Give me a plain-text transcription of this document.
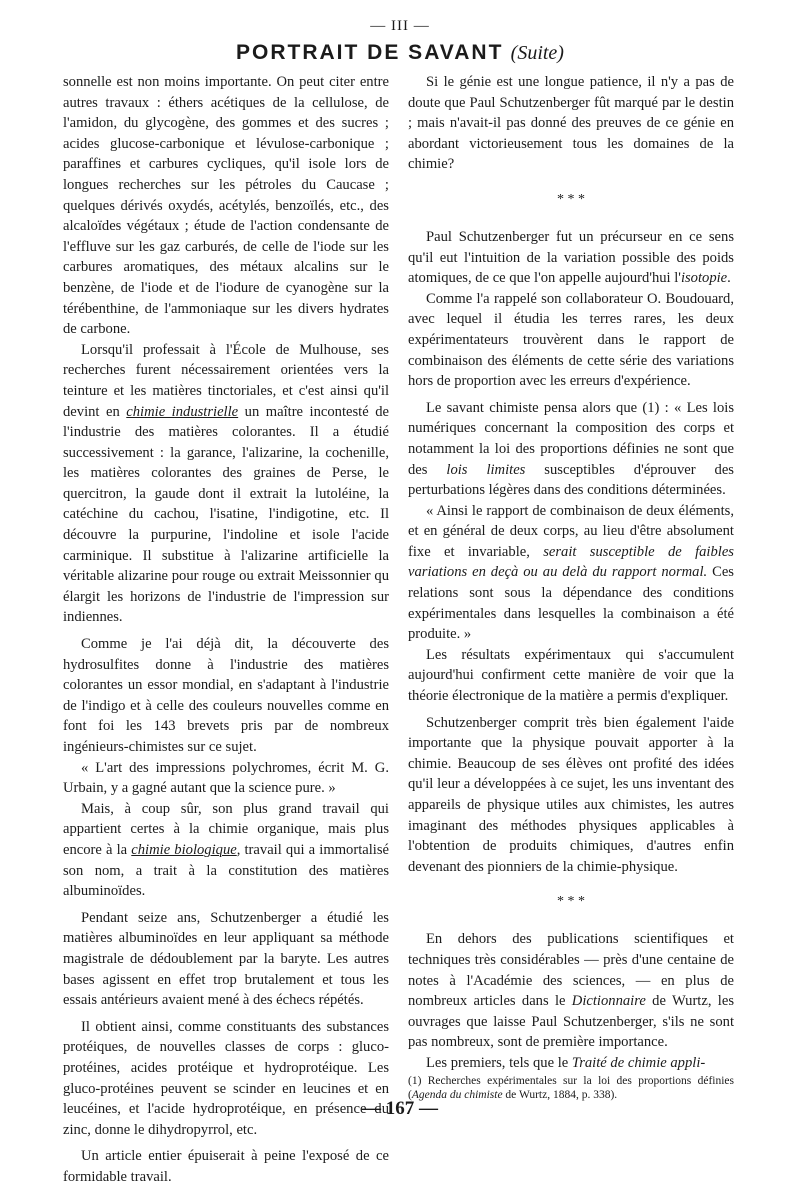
— III —
PORTRAIT DE SAVANT (Suite)

sonnelle est non moins importante. On peut citer entre autres travaux : éthers acétiques de la cellulose, de l'amidon, du glycogène, des gommes et des sucres ; acides glucose-carbonique et lévulose-carbonique ; paraffines et carbures cycliques, qu'il isole lors de longues recherches sur les pétroles du Caucase ; quelques dérivés oxydés, acétylés, benzoïlés, etc., des alcaloïdes végétaux ; étude de l'action condensante de l'effluve sur les gaz carburés, de celle de l'iode sur les carbures aromatiques, des métaux alcalins sur le benzène, de l'iode et de l'iodure de cyanogène sur la térébenthine, de l'ammoniaque sur les divers hydrates de carbone.

Lorsqu'il professait à l'École de Mulhouse, ses recherches furent nécessairement orientées vers la teinture et les matières tinctoriales, et c'est ainsi qu'il devint en chimie industrielle un maître incontesté de l'industrie des matières colorantes. Il a étudié successivement : la garance, l'alizarine, la cochenille, les matières colorantes des graines de Perse, le quercitron, la gaude dont il extrait la lutoléine, la catéchine du cachou, l'isatine, l'indigotine, etc. Il découvre la purpurine, l'indoline et isole l'acide carminique. Il substitue à l'alizarine artificielle la véritable alizarine pour rouge ou extrait Meissonnier qu élargit les horizons de l'industrie de l'impression sur indiennes.

Comme je l'ai déjà dit, la découverte des hydrosulfites donne à l'industrie des matières colorantes un essor mondial, en s'adaptant à l'industrie de l'indigo et à celle des couleurs nouvelles comme en font foi les 143 brevets pris par de nombreux ingénieurs-chimistes sur ce sujet.

« L'art des impressions polychromes, écrit M. G. Urbain, y a gagné autant que la science pure. »

Mais, à coup sûr, son plus grand travail qui appartient certes à la chimie organique, mais plus encore à la chimie biologique, travail qui a immortalisé son nom, a trait à la constitution des matières albuminoïdes.

Pendant seize ans, Schutzenberger a étudié les matières albuminoïdes en leur appliquant sa méthode magistrale de dédoublement par la baryte. Les autres bases agissent en effet trop brutalement et tous les essais antérieurs avaient mené à des échecs répétés.

Il obtient ainsi, comme constituants des substances protéiques, de nouvelles classes de corps : gluco-protéines, acides protéique et hydroprotéique. Les gluco-protéines peuvent se scinder en leucines et en leucéines, et l'acide hydroprotéique, en présence du zinc, donne le dihydropyrrol, etc.

Un article entier épuiserait à peine l'exposé de ce formidable travail.

Si le génie est une longue patience, il n'y a pas de doute que Paul Schutzenberger fût marqué par le destin ; mais n'avait-il pas donné des preuves de ce génie en abordant victorieusement tous les domaines de la chimie?

* * *

Paul Schutzenberger fut un précurseur en ce sens qu'il eut l'intuition de la variation possible des poids atomiques, de ce que l'on appelle aujourd'hui l'isotopie.

Comme l'a rappelé son collaborateur O. Boudouard, avec lequel il étudia les terres rares, les deux expérimentateurs trouvèrent dans le rapport de combinaison des éléments de cette série des variations hors de proportion avec les erreurs d'expérience.

Le savant chimiste pensa alors que (1) : « Les lois numériques concernant la composition des corps et notamment la loi des proportions définies ne sont que des lois limites susceptibles d'éprouver des perturbations légères dans des conditions déterminées.

« Ainsi le rapport de combinaison de deux éléments, et en général de deux corps, au lieu d'être absolument fixe et invariable, serait susceptible de faibles variations en deçà ou au delà du rapport normal. Ces relations sont sous la dépendance des conditions expérimentales dans lesquelles la combinaison a été produite. »

Les résultats expérimentaux qui s'accumulent aujourd'hui confirment cette manière de voir que la théorie électronique de la matière a permis d'expliquer.

Schutzenberger comprit très bien également l'aide importante que la physique pouvait apporter à la chimie. Beaucoup de ses élèves ont profité des idées qu'il leur a développées à ce sujet, les uns inventant des appareils de physique utiles aux chimistes, les autres imaginant des méthodes physiques applicables à l'obtention de produits chimiques, d'autres enfin devenant des pionniers de la chimie-physique.

* * *

En dehors des publications scientifiques et techniques très considérables — près d'une centaine de notes à l'Académie des sciences, — en plus de nombreux articles dans le Dictionnaire de Wurtz, les ouvrages que laisse Paul Schutzenberger, s'ils ne sont pas nombreux, sont de première importance.

Les premiers, tels que le Traité de chimie appli-

(1) Recherches expérimentales sur la loi des proportions définies (Agenda du chimiste de Wurtz, 1884, p. 338).

— 167 —
